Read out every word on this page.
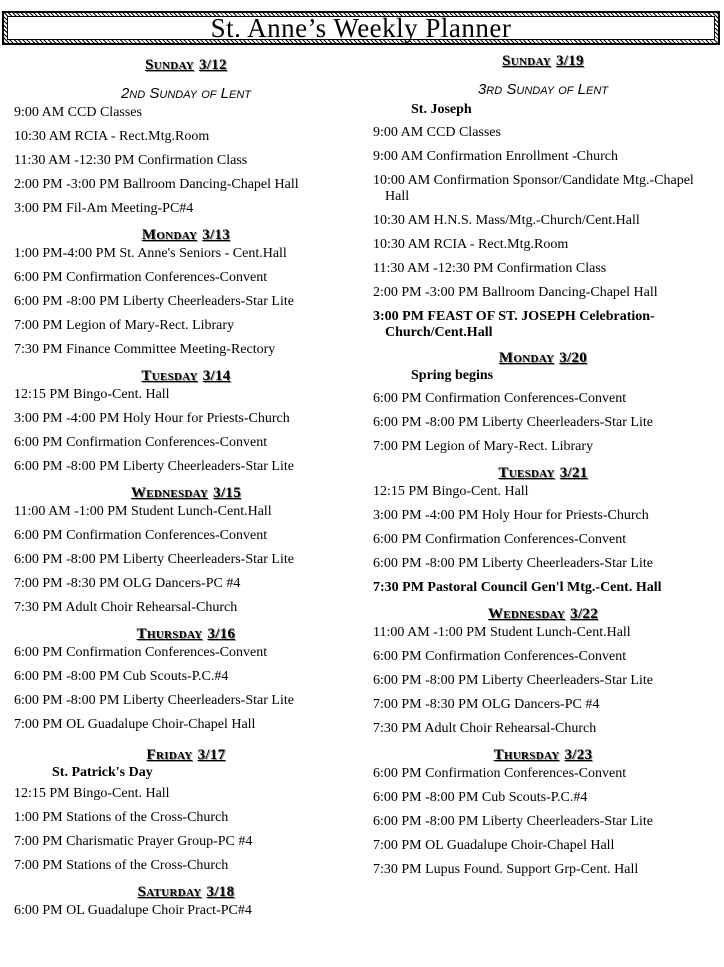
St. Anne’s Weekly Planner
Sunday 3/12

2nd Sunday of Lent

9:00 AM CCD Classes

10:30 AM RCIA - Rect.Mtg.Room

11:30 AM -12:30 PM Confirmation Class

2:00 PM -3:00 PM Ballroom Dancing-Chapel Hall

3:00 PM Fil-Am Meeting-PC#4

Monday 3/13

1:00 PM-4:00 PM St. Anne's Seniors - Cent.Hall

6:00 PM Confirmation Conferences-Convent

6:00 PM -8:00 PM Liberty Cheerleaders-Star Lite

7:00 PM Legion of Mary-Rect. Library

7:30 PM Finance Committee Meeting-Rectory

Tuesday 3/14

12:15 PM Bingo-Cent. Hall

3:00 PM -4:00 PM Holy Hour for Priests-Church

6:00 PM Confirmation Conferences-Convent

6:00 PM -8:00 PM Liberty Cheerleaders-Star Lite

Wednesday 3/15

11:00 AM -1:00 PM Student Lunch-Cent.Hall

6:00 PM Confirmation Conferences-Convent

6:00 PM -8:00 PM Liberty Cheerleaders-Star Lite

7:00 PM -8:30 PM OLG Dancers-PC #4

7:30 PM Adult Choir Rehearsal-Church

Thursday 3/16

6:00 PM Confirmation Conferences-Convent

6:00 PM -8:00 PM Cub Scouts-P.C.#4

6:00 PM -8:00 PM Liberty Cheerleaders-Star Lite

7:00 PM OL Guadalupe Choir-Chapel Hall

Friday 3/17

St. Patrick's Day

12:15 PM Bingo-Cent. Hall

1:00 PM Stations of the Cross-Church

7:00 PM Charismatic Prayer Group-PC #4

7:00 PM Stations of the Cross-Church

Saturday 3/18

6:00 PM OL Guadalupe Choir Pract-PC#4

Sunday 3/19

3rd Sunday of Lent

St. Joseph

9:00 AM CCD Classes

9:00 AM Confirmation Enrollment -Church

10:00 AM Confirmation Sponsor/Candidate Mtg.-Chapel Hall

10:30 AM H.N.S. Mass/Mtg.-Church/Cent.Hall

10:30 AM RCIA - Rect.Mtg.Room

11:30 AM -12:30 PM Confirmation Class

2:00 PM -3:00 PM Ballroom Dancing-Chapel Hall

3:00 PM FEAST OF ST. JOSEPH Celebration-Church/Cent.Hall

Monday 3/20

Spring begins

6:00 PM Confirmation Conferences-Convent

6:00 PM -8:00 PM Liberty Cheerleaders-Star Lite

7:00 PM Legion of Mary-Rect. Library

Tuesday 3/21

12:15 PM Bingo-Cent. Hall

3:00 PM -4:00 PM Holy Hour for Priests-Church

6:00 PM Confirmation Conferences-Convent

6:00 PM -8:00 PM Liberty Cheerleaders-Star Lite

7:30 PM Pastoral Council Gen'l Mtg.-Cent. Hall

Wednesday 3/22

11:00 AM -1:00 PM Student Lunch-Cent.Hall

6:00 PM Confirmation Conferences-Convent

6:00 PM -8:00 PM Liberty Cheerleaders-Star Lite

7:00 PM -8:30 PM OLG Dancers-PC #4

7:30 PM Adult Choir Rehearsal-Church

Thursday 3/23

6:00 PM Confirmation Conferences-Convent

6:00 PM -8:00 PM Cub Scouts-P.C.#4

6:00 PM -8:00 PM Liberty Cheerleaders-Star Lite

7:00 PM OL Guadalupe Choir-Chapel Hall

7:30 PM Lupus Found. Support Grp-Cent. Hall
